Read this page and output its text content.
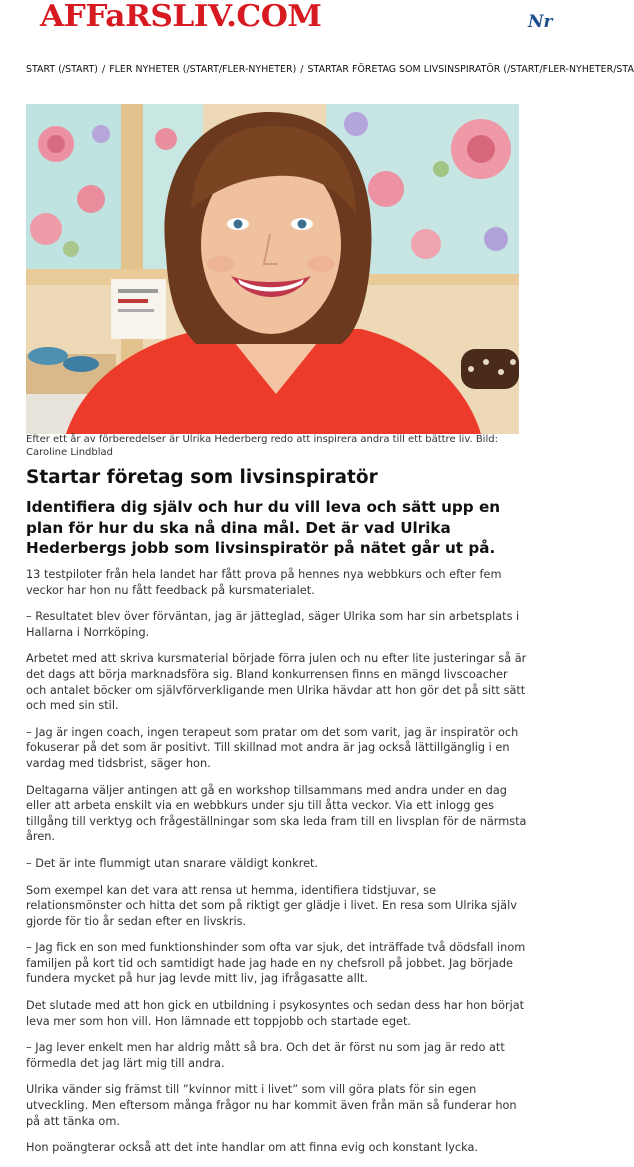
AFFaRSLIV.COM	Nr
START (/START) / FLER NYHETER (/START/FLER-NYHETER) / STARTAR FÖRETAG SOM LIVSINSPIRATÖR (/START/FLER-NYHETER/STA
Efter ett år av förberedelser är Ulrika Hederberg redo att inspirera andra till ett bättre liv. Bild: Caroline Lindblad
Startar företag som livsinspiratör

Identifiera dig själv och hur du vill leva och sätt upp en plan för hur du ska nå dina mål. Det är vad Ulrika Hederbergs jobb som livsinspiratör på nätet går ut på.

13 testpiloter från hela landet har fått prova på hennes nya webbkurs och efter fem veckor har hon nu fått feedback på kursmaterialet.

– Resultatet blev över förväntan, jag är jätteglad, säger Ulrika som har sin arbetsplats i Hallarna i Norrköping.

Arbetet med att skriva kursmaterial började förra julen och nu efter lite justeringar så är det dags att börja marknadsföra sig. Bland konkurrensen finns en mängd livscoacher och antalet böcker om självförverkligande men Ulrika hävdar att hon gör det på sitt sätt och med sin stil.

– Jag är ingen coach, ingen terapeut som pratar om det som varit, jag är inspiratör och fokuserar på det som är positivt. Till skillnad mot andra är jag också lättillgänglig i en vardag med tidsbrist, säger hon.

Deltagarna väljer antingen att gå en workshop tillsammans med andra under en dag eller att arbeta enskilt via en webbkurs under sju till åtta veckor. Via ett inlogg ges tillgång till verktyg och frågeställningar som ska leda fram till en livsplan för de närmsta åren.

– Det är inte flummigt utan snarare väldigt konkret.

Som exempel kan det vara att rensa ut hemma, identifiera tidstjuvar, se relationsmönster och hitta det som på riktigt ger glädje i livet. En resa som Ulrika själv gjorde för tio år sedan efter en livskris.

– Jag fick en son med funktionshinder som ofta var sjuk, det inträffade två dödsfall inom familjen på kort tid och samtidigt hade jag hade en ny chefsroll på jobbet. Jag började fundera mycket på hur jag levde mitt liv, jag ifrågasatte allt.

Det slutade med att hon gick en utbildning i psykosyntes och sedan dess har hon börjat leva mer som hon vill. Hon lämnade ett toppjobb och startade eget.

– Jag lever enkelt men har aldrig mått så bra. Och det är först nu som jag är redo att förmedla det jag lärt mig till andra.

Ulrika vänder sig främst till ”kvinnor mitt i livet” som vill göra plats för sin egen utveckling. Men eftersom många frågor nu har kommit även från män så funderar hon på att tänka om.

Hon poängterar också att det inte handlar om att finna evig och konstant lycka.
